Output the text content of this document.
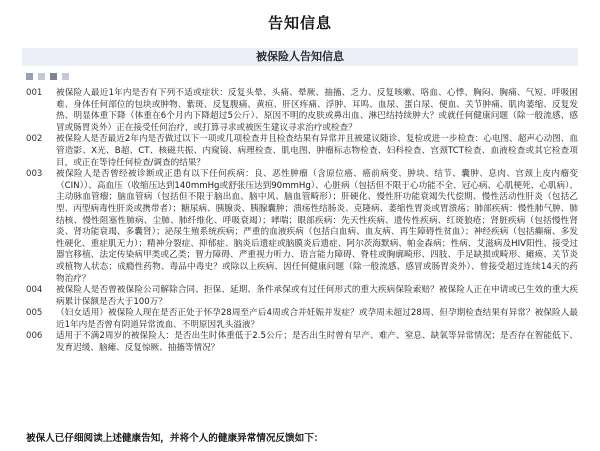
告知信息
被保险人告知信息
001	被保险人最近1年内是否有下列不适或症状：反复头晕、头痛、晕厥、抽搐、乏力、反复咳嗽、咯血、心悸、胸闷、胸痛、气短、呼吸困难、身体任何部位的包块或肿物、紫斑、反复腹痛、黄疸、肝区疼痛、浮肿、耳鸣、血尿、蛋白尿、便血、关节肿痛、肌肉萎缩、反复发热、明显体重下降（体重在6个月内下降超过5公斤）、原因不明的皮肤或鼻出血、淋巴结持续肿大？或就任何健康问题（除一般流感、感冒或肠胃炎外）正在接受任何治疗，或打算寻求或被医生建议寻求治疗或检查？
002	被保险人是否最近2年内是否做过以下一项或几项检查并且检查结果有异常并且被建议随诊、复检或进一步检查：心电图、超声心动图、血管造影、X光、B超、CT、核磁共振、内窥镜、病理检查、肌电图、肿瘤标志物检查、妇科检查、宫颈TCT检查、血液检查或其它检查项目，或正在等待任何检查/调查的结果？
003	被保险人是否曾经被诊断或正患有以下任何疾病：良、恶性肿瘤（含原位癌、癌前病变、肿块、结节、囊肿、息肉、宫颈上皮内瘤变（CIN））、高血压（收缩压达到140mmHg或舒张压达到90mmHg）、心脏病（包括但不限于心功能不全、冠心病、心肌梗死、心肌病）、主动脉血管瘤；脑血管病（包括但不限于脑出血、脑中风、脑血管畸形）；肝硬化、慢性肝功能衰竭失代偿期、慢性活动性肝炎（包括乙型、丙型病毒性肝炎或携带者）；糖尿病、胰腺炎、胰腺囊肿；溃疡性结肠炎、克隆病、萎缩性胃炎或胃溃疡；肺部疾病：慢性肺气肿、肺结核、慢性阻塞性肺病、尘肺、肺纤维化、呼吸衰竭）；哮喘；眼部疾病：先天性疾病、遗传性疾病、红斑狼疮；肾脏疾病（包括慢性肾炎、肾功能衰竭、多囊肾）；泌尿生殖系统疾病；严重的血液疾病（包括白血病、血友病、再生障碍性贫血）；神经疾病（包括癫痫、多发性硬化、重症肌无力）；精神分裂症、抑郁症、脑炎后遗症或脑膜炎后遗症、阿尔茨海默病、帕金森病；性病、艾滋病及HIV阳性、接受过器官移植、法定传染病甲类或乙类；智力障碍、严重视力听力、语言能力障碍、脊柱或胸廓畸形、四肢、手足缺损或畸形、瘫痪、关节炎或植物人状态；成瘾性药物、毒品中毒史？或除以上疾病、因任何健康问题（除一般流感、感冒或肠胃炎外）、曾接受超过连续14天的药物治疗？
004	被保险人是否曾被保险公司解除合同、拒保、延期、条件承保或有过任何形式的重大疾病保险索赔？被保险人正在申请或已生效的重大疾病累计保额是否大于100万？
005	（妇女适用）被保险人现在是否正处于怀孕28周至产后4周或合并妊娠并发症？或孕周未超过28周、但孕期检查结果有异常？被保险人最近1年内是否曾有阴道异常流血、不明原因乳头溢液？
006	适用于不满2周岁的被保险人：是否出生时体重低于2.5公斤；是否出生时曾有早产、难产、窒息、缺氧等异常情况；是否存在智能低下、发育迟缓、脑瘫、反复惊厥、抽搐等情况？
被保人已仔细阅读上述健康告知，并将个人的健康异常情况反馈如下：
